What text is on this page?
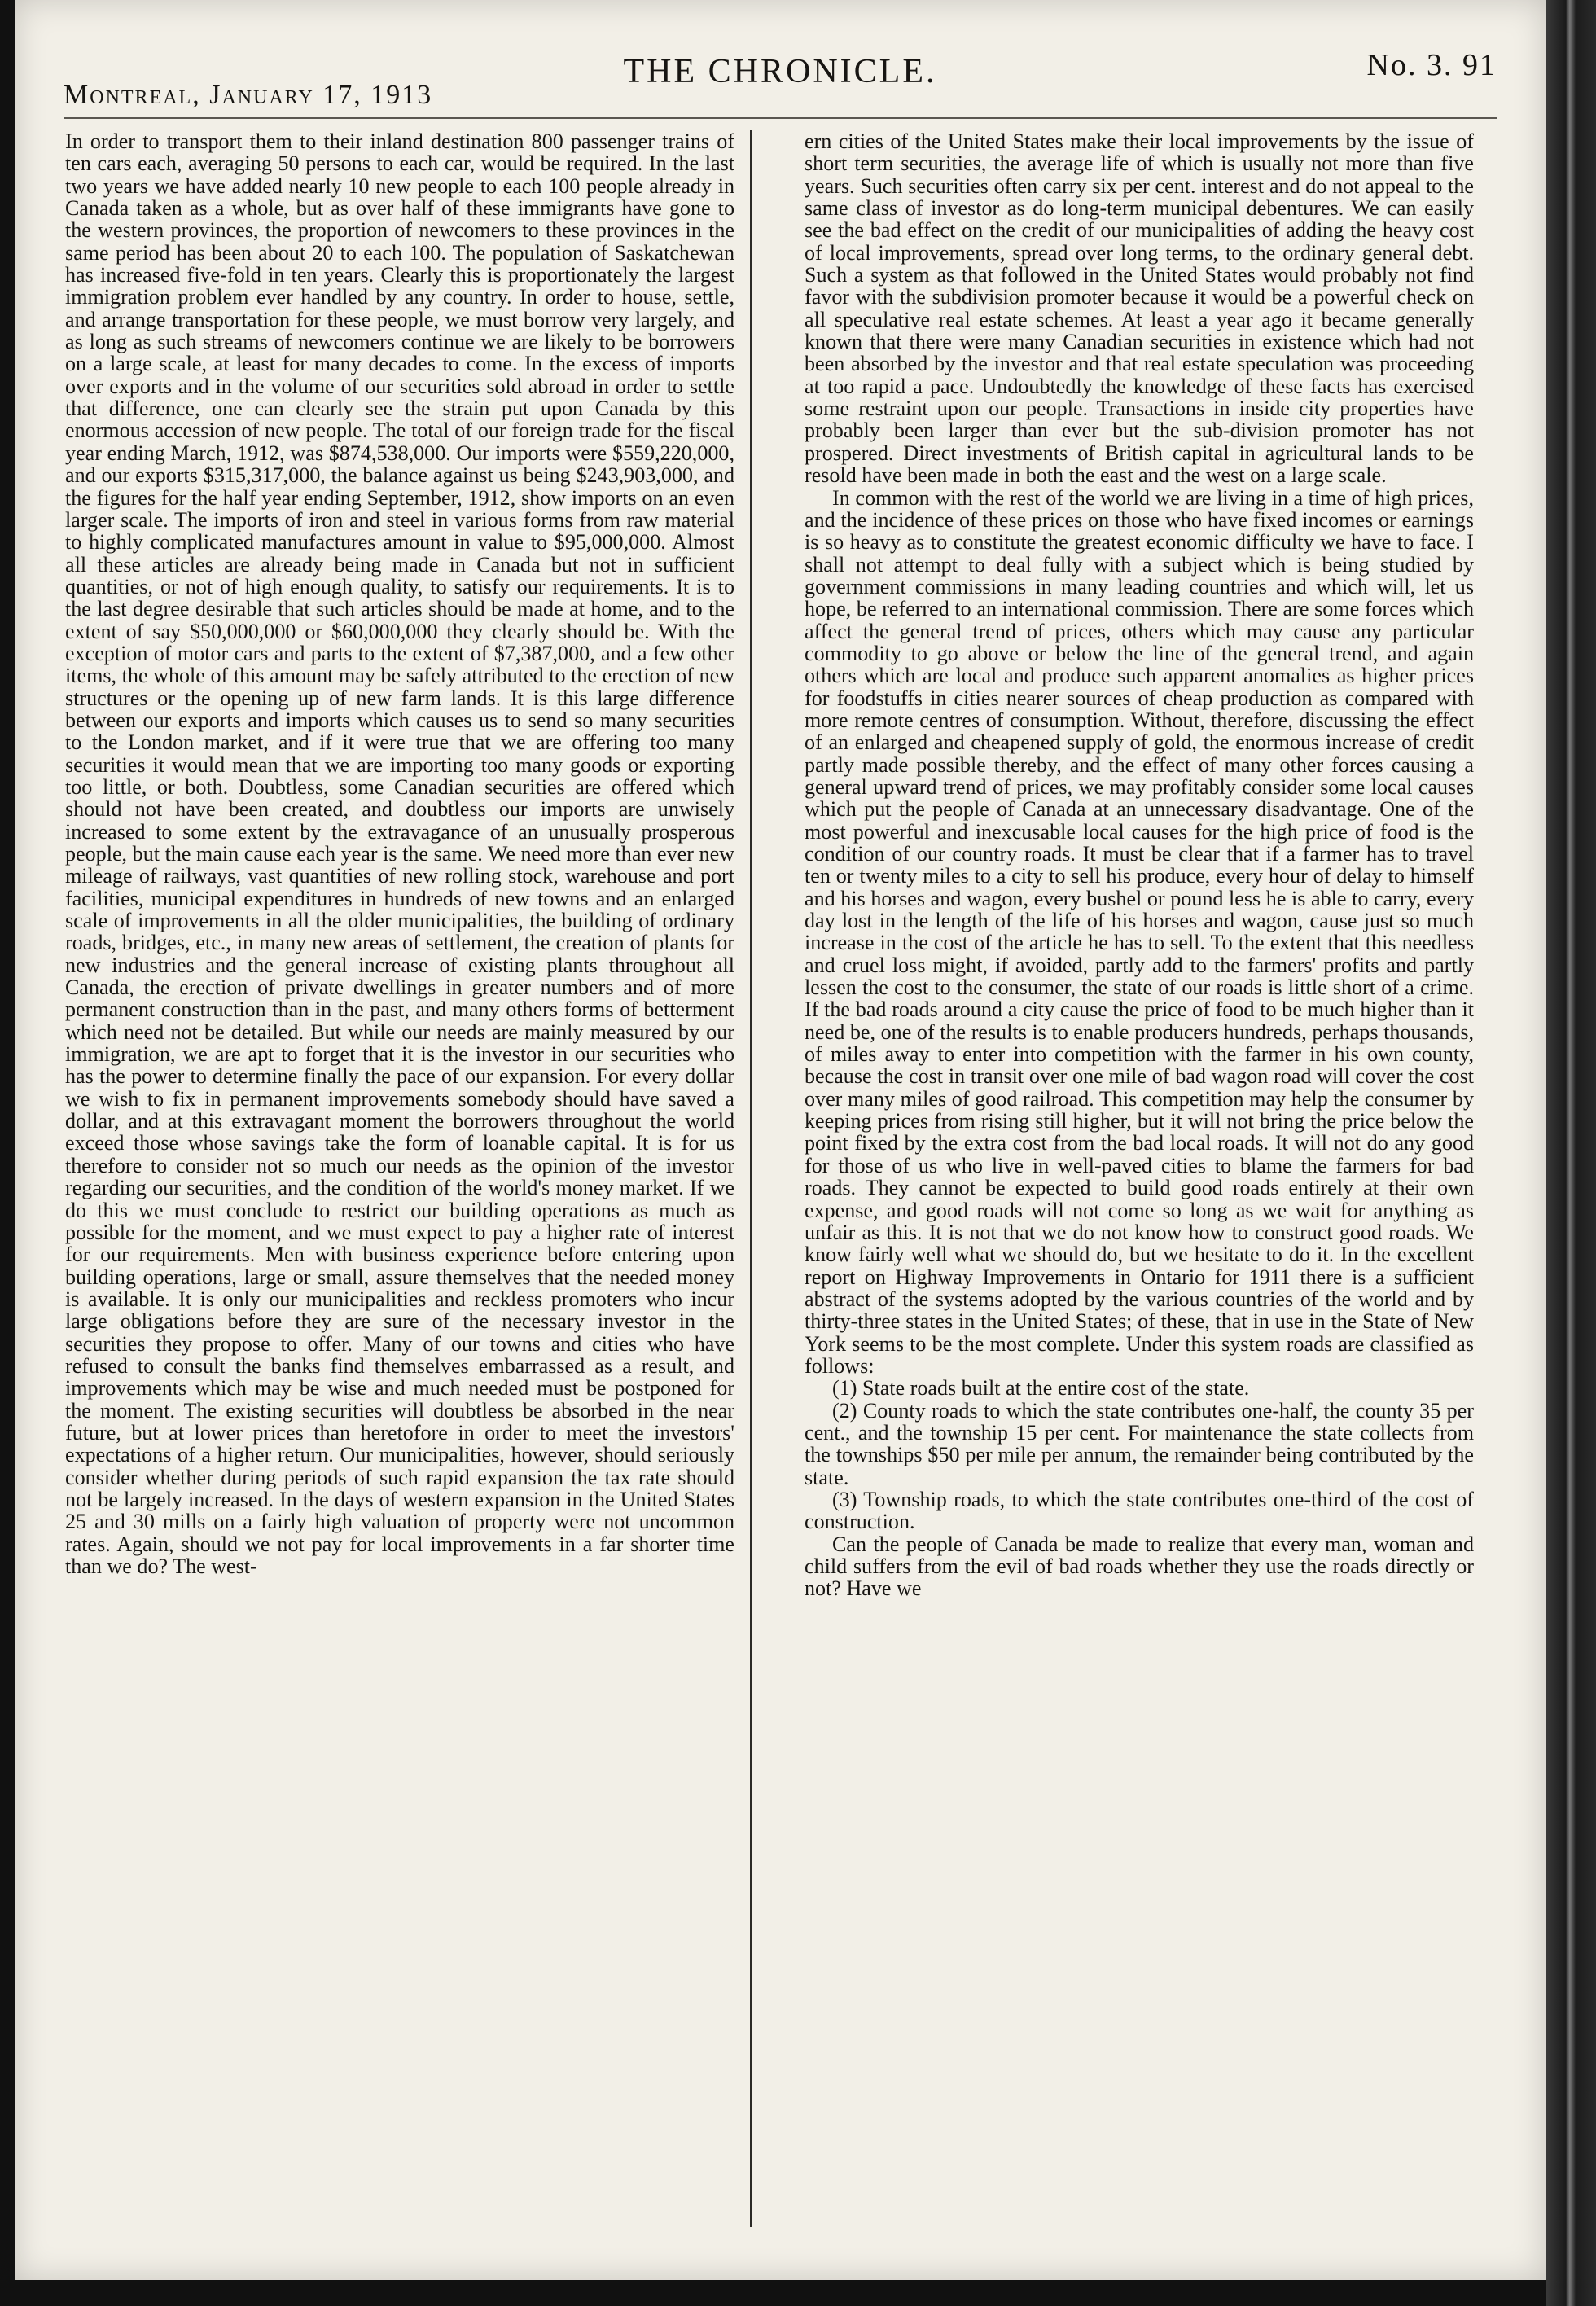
Montreal, January 17, 1913
THE CHRONICLE.	No. 3. 91

In order to transport them to their inland destination 800 passenger trains of ten cars each, averaging 50 persons to each car, would be required. In the last two years we have added nearly 10 new people to each 100 people already in Canada taken as a whole, but as over half of these immigrants have gone to the western provinces, the proportion of newcomers to these provinces in the same period has been about 20 to each 100. The population of Saskatchewan has increased five-fold in ten years. Clearly this is proportionately the largest immigration problem ever handled by any country. In order to house, settle, and arrange transportation for these people, we must borrow very largely, and as long as such streams of newcomers continue we are likely to be borrowers on a large scale, at least for many decades to come. In the excess of imports over exports and in the volume of our securities sold abroad in order to settle that difference, one can clearly see the strain put upon Canada by this enormous accession of new people. The total of our foreign trade for the fiscal year ending March, 1912, was $874,538,000. Our imports were $559,220,000, and our exports $315,317,000, the balance against us being $243,903,000, and the figures for the half year ending September, 1912, show imports on an even larger scale. The imports of iron and steel in various forms from raw material to highly complicated manufactures amount in value to $95,000,000. Almost all these articles are already being made in Canada but not in sufficient quantities, or not of high enough quality, to satisfy our requirements. It is to the last degree desirable that such articles should be made at home, and to the extent of say $50,000,000 or $60,000,000 they clearly should be. With the exception of motor cars and parts to the extent of $7,387,000, and a few other items, the whole of this amount may be safely attributed to the erection of new structures or the opening up of new farm lands. It is this large difference between our exports and imports which causes us to send so many securities to the London market, and if it were true that we are offering too many securities it would mean that we are importing too many goods or exporting too little, or both. Doubtless, some Canadian securities are offered which should not have been created, and doubtless our imports are unwisely increased to some extent by the extravagance of an unusually prosperous people, but the main cause each year is the same. We need more than ever new mileage of railways, vast quantities of new rolling stock, warehouse and port facilities, municipal expenditures in hundreds of new towns and an enlarged scale of improvements in all the older municipalities, the building of ordinary roads, bridges, etc., in many new areas of settlement, the creation of plants for new industries and the general increase of existing plants throughout all Canada, the erection of private dwellings in greater numbers and of more permanent construction than in the past, and many others forms of betterment which need not be detailed. But while our needs are mainly measured by our immigration, we are apt to forget that it is the investor in our securities who has the power to determine finally the pace of our expansion. For every dollar we wish to fix in permanent improvements somebody should have saved a dollar, and at this extravagant moment the borrowers throughout the world exceed those whose savings take the form of loanable capital. It is for us therefore to consider not so much our needs as the opinion of the investor regarding our securities, and the condition of the world's money market. If we do this we must conclude to restrict our building operations as much as possible for the moment, and we must expect to pay a higher rate of interest for our requirements. Men with business experience before entering upon building operations, large or small, assure themselves that the needed money is available. It is only our municipalities and reckless promoters who incur large obligations before they are sure of the necessary investor in the securities they propose to offer. Many of our towns and cities who have refused to consult the banks find themselves embarrassed as a result, and improvements which may be wise and much needed must be postponed for the moment. The existing securities will doubtless be absorbed in the near future, but at lower prices than heretofore in order to meet the investors' expectations of a higher return. Our municipalities, however, should seriously consider whether during periods of such rapid expansion the tax rate should not be largely increased. In the days of western expansion in the United States 25 and 30 mills on a fairly high valuation of property were not uncommon rates. Again, should we not pay for local improvements in a far shorter time than we do? The west-

ern cities of the United States make their local improvements by the issue of short term securities, the average life of which is usually not more than five years. Such securities often carry six per cent. interest and do not appeal to the same class of investor as do long-term municipal debentures. We can easily see the bad effect on the credit of our municipalities of adding the heavy cost of local improvements, spread over long terms, to the ordinary general debt. Such a system as that followed in the United States would probably not find favor with the subdivision promoter because it would be a powerful check on all speculative real estate schemes. At least a year ago it became generally known that there were many Canadian securities in existence which had not been absorbed by the investor and that real estate speculation was proceeding at too rapid a pace. Undoubtedly the knowledge of these facts has exercised some restraint upon our people. Transactions in inside city properties have probably been larger than ever but the sub-division promoter has not prospered. Direct investments of British capital in agricultural lands to be resold have been made in both the east and the west on a large scale.

In common with the rest of the world we are living in a time of high prices, and the incidence of these prices on those who have fixed incomes or earnings is so heavy as to constitute the greatest economic difficulty we have to face. I shall not attempt to deal fully with a subject which is being studied by government commissions in many leading countries and which will, let us hope, be referred to an international commission. There are some forces which affect the general trend of prices, others which may cause any particular commodity to go above or below the line of the general trend, and again others which are local and produce such apparent anomalies as higher prices for foodstuffs in cities nearer sources of cheap production as compared with more remote centres of consumption. Without, therefore, discussing the effect of an enlarged and cheapened supply of gold, the enormous increase of credit partly made possible thereby, and the effect of many other forces causing a general upward trend of prices, we may profitably consider some local causes which put the people of Canada at an unnecessary disadvantage. One of the most powerful and inexcusable local causes for the high price of food is the condition of our country roads. It must be clear that if a farmer has to travel ten or twenty miles to a city to sell his produce, every hour of delay to himself and his horses and wagon, every bushel or pound less he is able to carry, every day lost in the length of the life of his horses and wagon, cause just so much increase in the cost of the article he has to sell. To the extent that this needless and cruel loss might, if avoided, partly add to the farmers' profits and partly lessen the cost to the consumer, the state of our roads is little short of a crime. If the bad roads around a city cause the price of food to be much higher than it need be, one of the results is to enable producers hundreds, perhaps thousands, of miles away to enter into competition with the farmer in his own county, because the cost in transit over one mile of bad wagon road will cover the cost over many miles of good railroad. This competition may help the consumer by keeping prices from rising still higher, but it will not bring the price below the point fixed by the extra cost from the bad local roads. It will not do any good for those of us who live in well-paved cities to blame the farmers for bad roads. They cannot be expected to build good roads entirely at their own expense, and good roads will not come so long as we wait for anything as unfair as this. It is not that we do not know how to construct good roads. We know fairly well what we should do, but we hesitate to do it. In the excellent report on Highway Improvements in Ontario for 1911 there is a sufficient abstract of the systems adopted by the various countries of the world and by thirty-three states in the United States; of these, that in use in the State of New York seems to be the most complete. Under this system roads are classified as follows:

(1) State roads built at the entire cost of the state.

(2) County roads to which the state contributes one-half, the county 35 per cent., and the township 15 per cent. For maintenance the state collects from the townships $50 per mile per annum, the remainder being contributed by the state.

(3) Township roads, to which the state contributes one-third of the cost of construction.

Can the people of Canada be made to realize that every man, woman and child suffers from the evil of bad roads whether they use the roads directly or not? Have we
